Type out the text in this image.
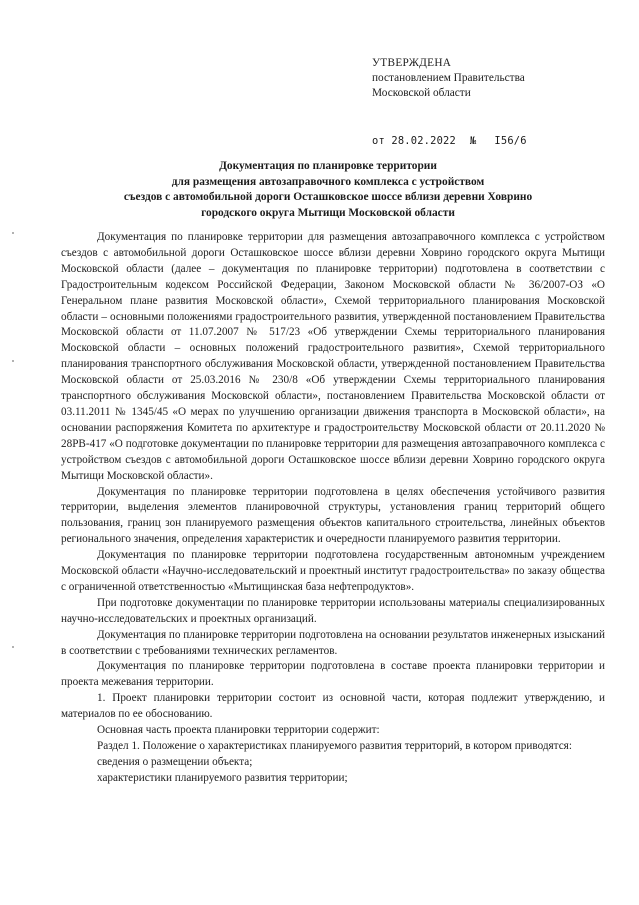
УТВЕРЖДЕНА
постановлением Правительства
Московской области
от 28.02.2022 № I56/6
Документация по планировке территории
для размещения автозаправочного комплекса с устройством
съездов с автомобильной дороги Осташковское шоссе вблизи деревни Ховрино
городского округа Мытищи Московской области

Документация по планировке территории для размещения автозаправочного комплекса с устройством съездов с автомобильной дороги Осташковское шоссе вблизи деревни Ховрино городского округа Мытищи Московской области (далее – документация по планировке территории) подготовлена в соответствии с Градостроительным кодексом Российской Федерации, Законом Московской области № 36/2007-ОЗ «О Генеральном плане развития Московской области», Схемой территориального планирования Московской области – основными положениями градостроительного развития, утвержденной постановлением Правительства Московской области от 11.07.2007 № 517/23 «Об утверждении Схемы территориального планирования Московской области – основных положений градостроительного развития», Схемой территориального планирования транспортного обслуживания Московской области, утвержденной постановлением Правительства Московской области от 25.03.2016 № 230/8 «Об утверждении Схемы территориального планирования транспортного обслуживания Московской области», постановлением Правительства Московской области от 03.11.2011 № 1345/45 «О мерах по улучшению организации движения транспорта в Московской области», на основании распоряжения Комитета по архитектуре и градостроительству Московской области от 20.11.2020 № 28РВ-417 «О подготовке документации по планировке территории для размещения автозаправочного комплекса с устройством съездов с автомобильной дороги Осташковское шоссе вблизи деревни Ховрино городского округа Мытищи Московской области».

Документация по планировке территории подготовлена в целях обеспечения устойчивого развития территории, выделения элементов планировочной структуры, установления границ территорий общего пользования, границ зон планируемого размещения объектов капитального строительства, линейных объектов регионального значения, определения характеристик и очередности планируемого развития территории.

Документация по планировке территории подготовлена государственным автономным учреждением Московской области «Научно-исследовательский и проектный институт градостроительства» по заказу общества с ограниченной ответственностью «Мытищинская база нефтепродуктов».

При подготовке документации по планировке территории использованы материалы специализированных научно-исследовательских и проектных организаций.

Документация по планировке территории подготовлена на основании результатов инженерных изысканий в соответствии с требованиями технических регламентов.

Документация по планировке территории подготовлена в составе проекта планировки территории и проекта межевания территории.

1. Проект планировки территории состоит из основной части, которая подлежит утверждению, и материалов по ее обоснованию.

Основная часть проекта планировки территории содержит:

Раздел 1. Положение о характеристиках планируемого развития территорий, в котором приводятся:

сведения о размещении объекта;

характеристики планируемого развития территории;
